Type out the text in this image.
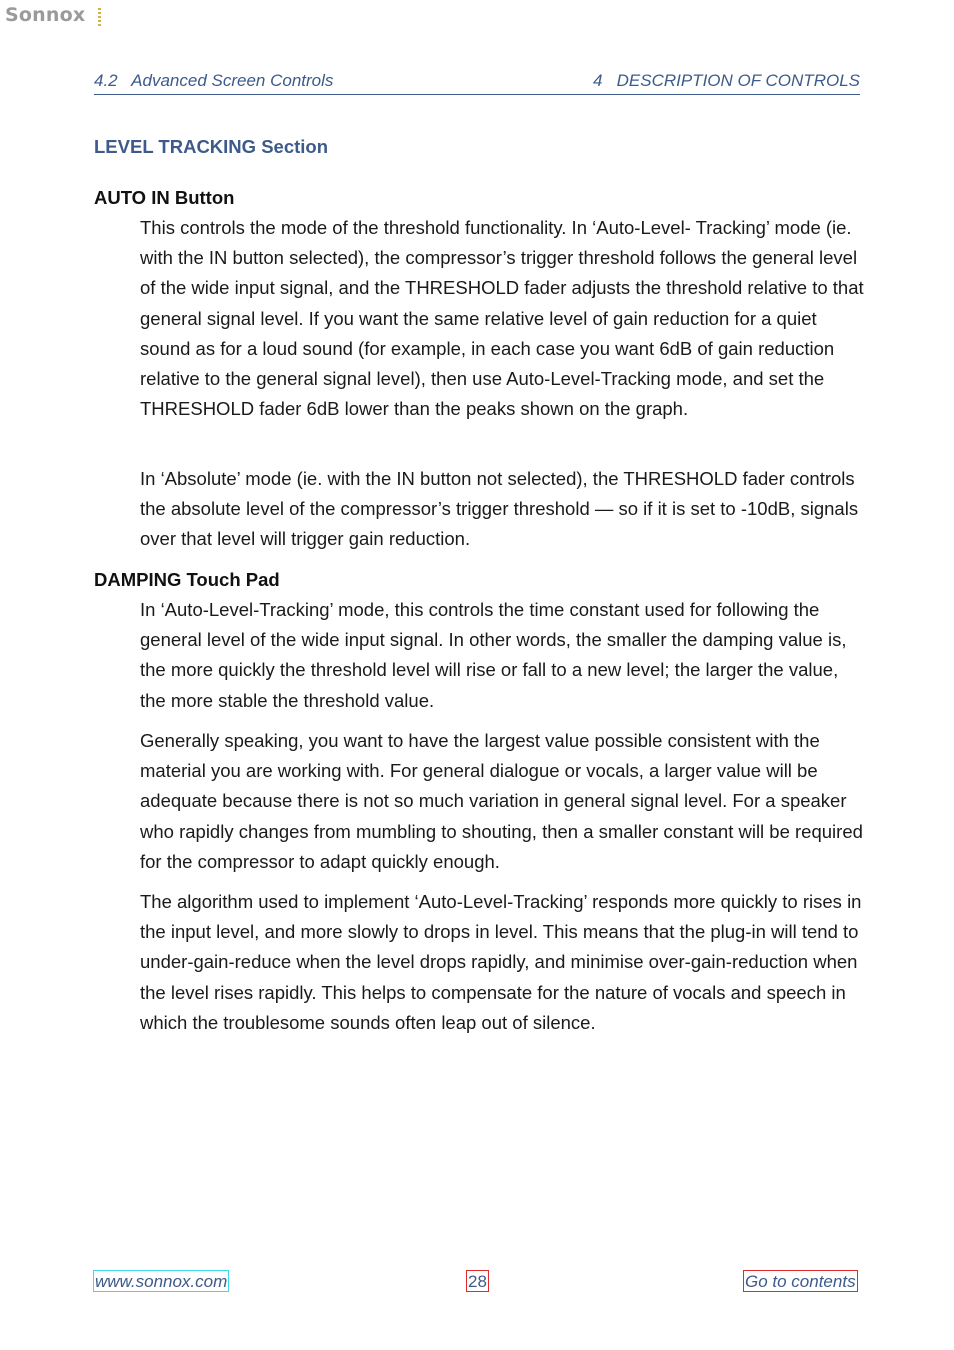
Sonnox
4.2   Advanced Screen Controls	4   DESCRIPTION OF CONTROLS
LEVEL TRACKING Section
AUTO IN Button

This controls the mode of the threshold functionality. In ‘Auto-Level- Tracking’ mode (ie. with the IN button selected), the compressor’s trigger threshold follows the general level of the wide input signal, and the THRESHOLD fader adjusts the threshold relative to that general signal level. If you want the same relative level of gain reduction for a quiet sound as for a loud sound (for example, in each case you want 6dB of gain reduction relative to the general signal level), then use Auto-Level-Tracking mode, and set the THRESHOLD fader 6dB lower than the peaks shown on the graph.

In ‘Absolute’ mode (ie. with the IN button not selected), the THRESHOLD fader controls the absolute level of the compressor’s trigger threshold — so if it is set to -10dB, signals over that level will trigger gain reduction.

DAMPING Touch Pad

In ‘Auto-Level-Tracking’ mode, this controls the time constant used for following the general level of the wide input signal. In other words, the smaller the damping value is, the more quickly the threshold level will rise or fall to a new level; the larger the value, the more stable the threshold value.

Generally speaking, you want to have the largest value possible consistent with the material you are working with. For general dialogue or vocals, a larger value will be adequate because there is not so much variation in general signal level. For a speaker who rapidly changes from mumbling to shouting, then a smaller constant will be required for the compressor to adapt quickly enough.

The algorithm used to implement ‘Auto-Level-Tracking’ responds more quickly to rises in the input level, and more slowly to drops in level. This means that the plug-in will tend to under-gain-reduce when the level drops rapidly, and minimise over-gain-reduction when the level rises rapidly. This helps to compensate for the nature of vocals and speech in which the troublesome sounds often leap out of silence.

www.sonnox.com	28	Go to contents
